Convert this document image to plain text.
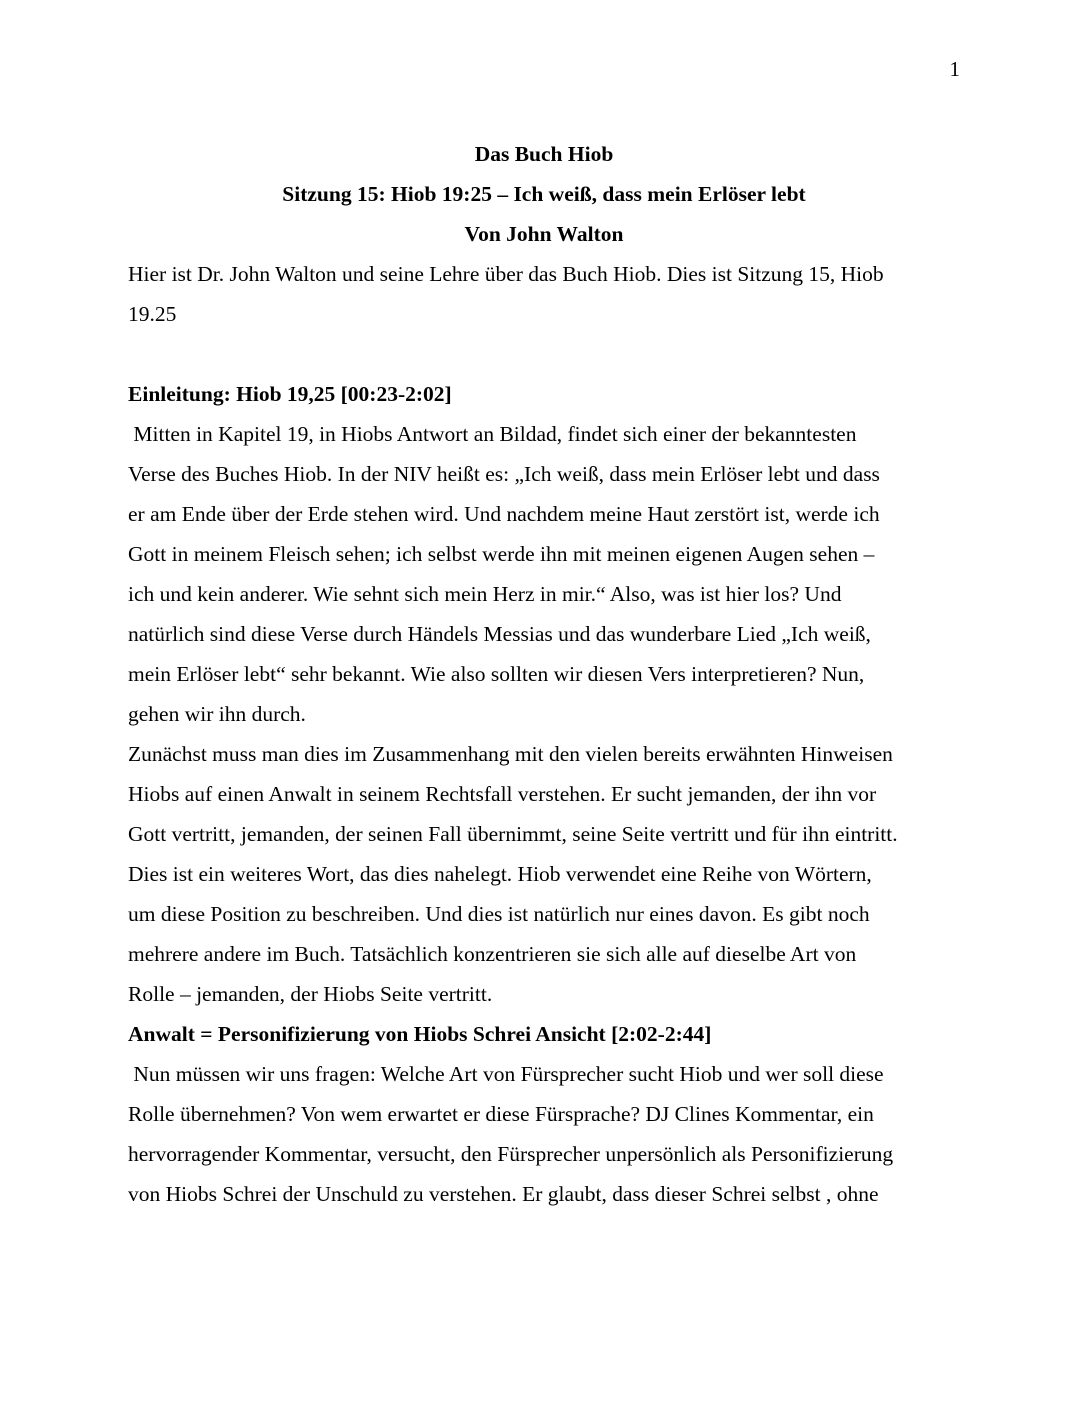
1
Das Buch Hiob
Sitzung 15: Hiob 19:25 – Ich weiß, dass mein Erlöser lebt
Von John Walton
Hier ist Dr. John Walton und seine Lehre über das Buch Hiob. Dies ist Sitzung 15, Hiob
19.25

Einleitung: Hiob 19,25 [00:23-2:02]
Mitten in Kapitel 19, in Hiobs Antwort an Bildad, findet sich einer der bekanntesten
Verse des Buches Hiob. In der NIV heißt es: „Ich weiß, dass mein Erlöser lebt und dass
er am Ende über der Erde stehen wird. Und nachdem meine Haut zerstört ist, werde ich
Gott in meinem Fleisch sehen; ich selbst werde ihn mit meinen eigenen Augen sehen –
ich und kein anderer. Wie sehnt sich mein Herz in mir.“ Also, was ist hier los? Und
natürlich sind diese Verse durch Händels Messias und das wunderbare Lied „Ich weiß,
mein Erlöser lebt“ sehr bekannt. Wie also sollten wir diesen Vers interpretieren? Nun,
gehen wir ihn durch.
Zunächst muss man dies im Zusammenhang mit den vielen bereits erwähnten Hinweisen
Hiobs auf einen Anwalt in seinem Rechtsfall verstehen. Er sucht jemanden, der ihn vor
Gott vertritt, jemanden, der seinen Fall übernimmt, seine Seite vertritt und für ihn eintritt.
Dies ist ein weiteres Wort, das dies nahelegt. Hiob verwendet eine Reihe von Wörtern,
um diese Position zu beschreiben. Und dies ist natürlich nur eines davon. Es gibt noch
mehrere andere im Buch. Tatsächlich konzentrieren sie sich alle auf dieselbe Art von
Rolle – jemanden, der Hiobs Seite vertritt.
Anwalt = Personifizierung von Hiobs Schrei Ansicht [2:02-2:44]
Nun müssen wir uns fragen: Welche Art von Fürsprecher sucht Hiob und wer soll diese
Rolle übernehmen? Von wem erwartet er diese Fürsprache? DJ Clines Kommentar, ein
hervorragender Kommentar, versucht, den Fürsprecher unpersönlich als Personifizierung
von Hiobs Schrei der Unschuld zu verstehen. Er glaubt, dass dieser Schrei selbst , ohne
